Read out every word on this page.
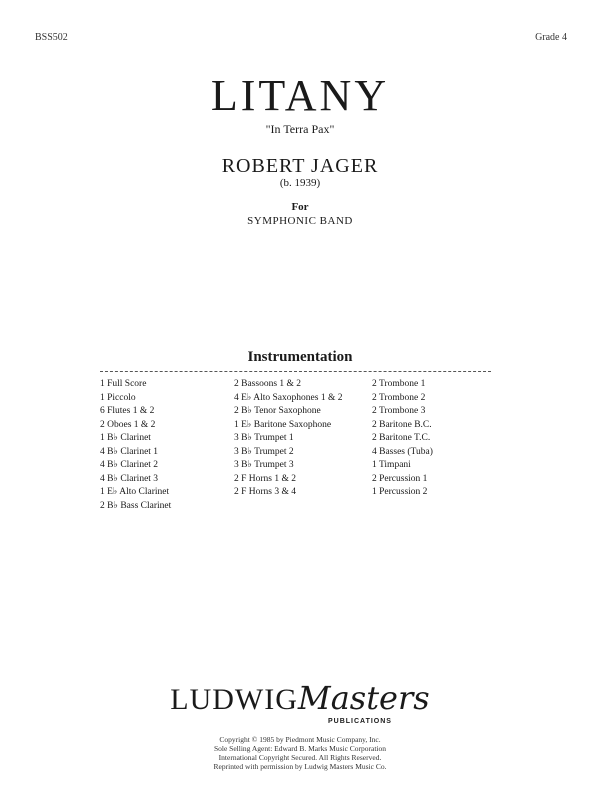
BSS502	Grade 4
LITANY
"In Terra Pax"
ROBERT JAGER
(b. 1939)
For
SYMPHONIC BAND
Instrumentation
1 Full Score
1 Piccolo
6 Flutes 1 & 2
2 Oboes 1 & 2
1 B♭ Clarinet
4 B♭ Clarinet 1
4 B♭ Clarinet 2
4 B♭ Clarinet 3
1 E♭ Alto Clarinet
2 B♭ Bass Clarinet
2 Bassoons 1 & 2
4 E♭ Alto Saxophones 1 & 2
2 B♭ Tenor Saxophone
1 E♭ Baritone Saxophone
3 B♭ Trumpet 1
3 B♭ Trumpet 2
3 B♭ Trumpet 3
2 F Horns 1 & 2
2 F Horns 3 & 4
2 Trombone 1
2 Trombone 2
2 Trombone 3
2 Baritone B.C.
2 Baritone T.C.
4 Basses (Tuba)
1 Timpani
2 Percussion 1
1 Percussion 2
LUDWIGMasters
PUBLICATIONS
Copyright © 1985 by Piedmont Music Company, Inc.
Sole Selling Agent: Edward B. Marks Music Corporation
International Copyright Secured. All Rights Reserved.
Reprinted with permission by Ludwig Masters Music Co.
